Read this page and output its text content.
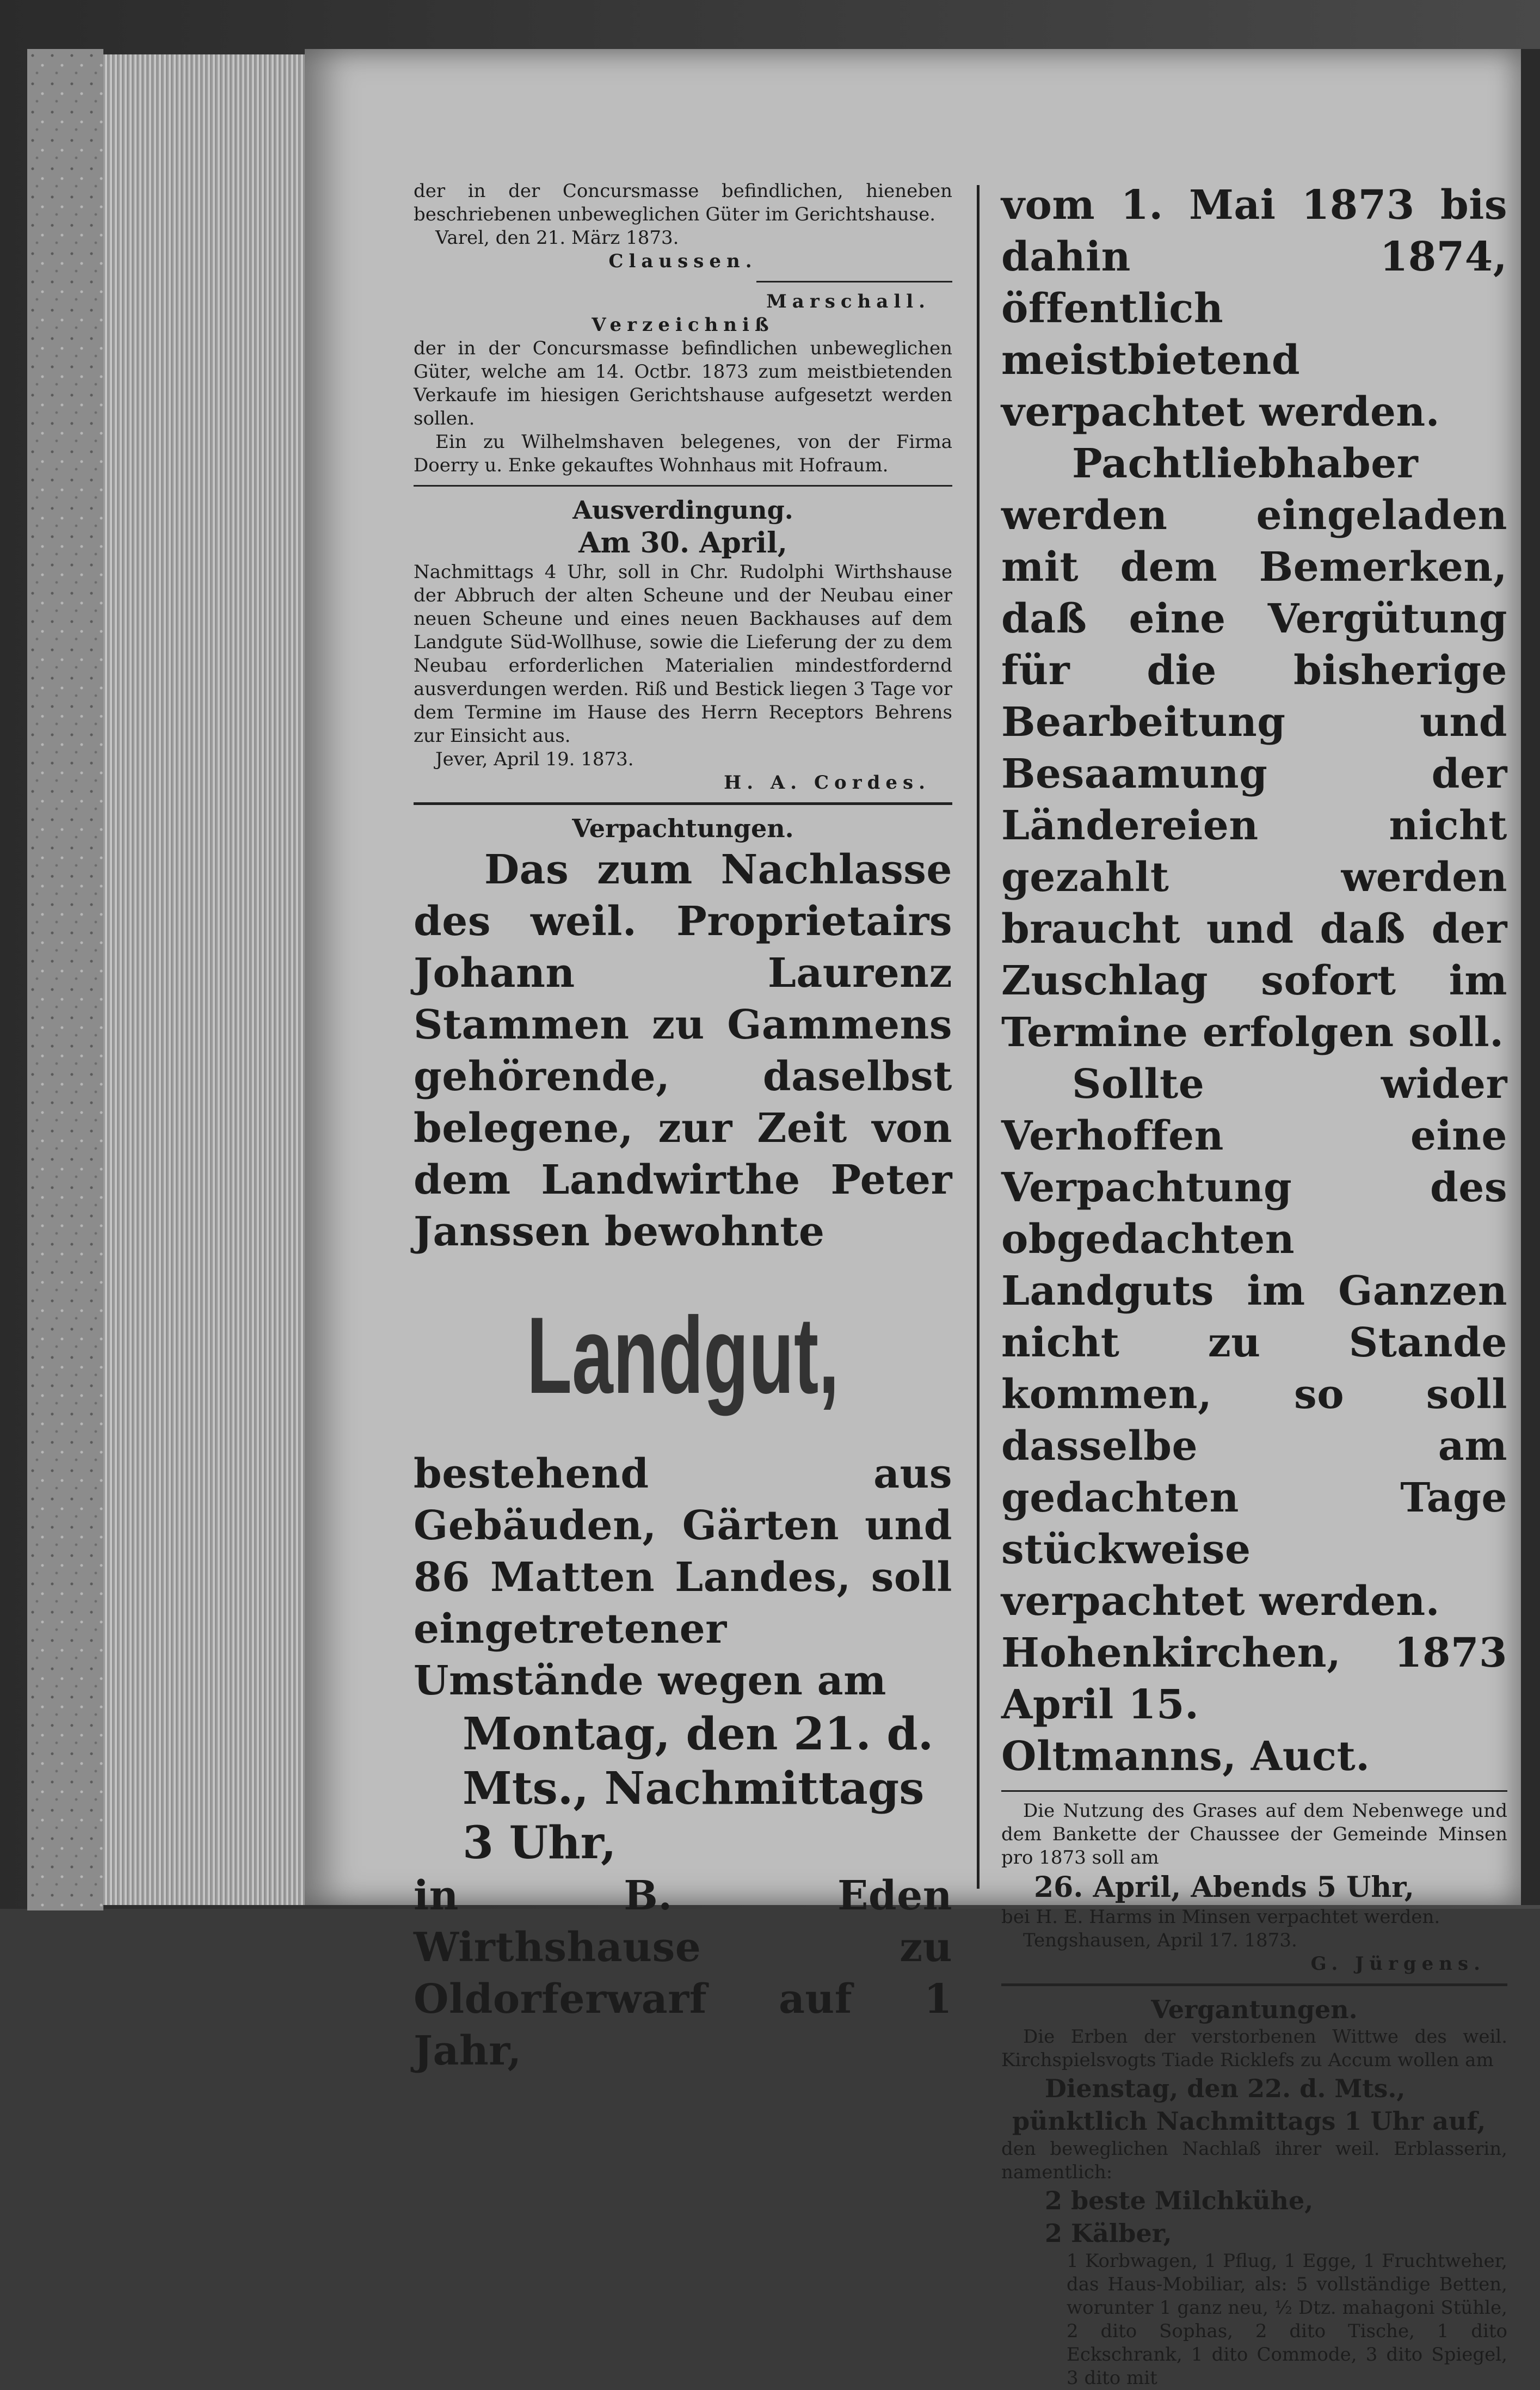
der in der Concursmasse befindlichen, hieneben beschriebenen unbeweglichen Güter im Gerichtshause.

Varel, den 21. März 1873.

Claussen.

Marschall.

Verzeichniß

der in der Concursmasse befindlichen unbeweglichen Güter, welche am 14. Octbr. 1873 zum meistbietenden Verkaufe im hiesigen Gerichtshause aufgesetzt werden sollen.

Ein zu Wilhelmshaven belegenes, von der Firma Doerry u. Enke gekauftes Wohnhaus mit Hofraum.

Ausverdingung.

Am 30. April,

Nachmittags 4 Uhr, soll in Chr. Rudolphi Wirthshause der Abbruch der alten Scheune und der Neubau einer neuen Scheune und eines neuen Backhauses auf dem Landgute Süd-Wollhuse, sowie die Lieferung der zu dem Neubau erforderlichen Materialien mindestfordernd ausverdungen werden. Riß und Bestick liegen 3 Tage vor dem Termine im Hause des Herrn Receptors Behrens zur Einsicht aus.

Jever, April 19. 1873.

H. A. Cordes.

Verpachtungen.

Das zum Nachlasse des weil. Proprietairs Johann Laurenz Stammen zu Gammens gehörende, daselbst belegene, zur Zeit von dem Landwirthe Peter Janssen bewohnte

Landgut,

bestehend aus Gebäuden, Gärten und 86 Matten Landes, soll eingetretener Umstände wegen am

Montag, den 21. d. Mts., Nachmittags 3 Uhr,

in B. Eden Wirthshause zu Oldorferwarf auf 1 Jahr,

vom 1. Mai 1873 bis dahin 1874, öffentlich meistbietend verpachtet werden.

Pachtliebhaber werden eingeladen mit dem Bemerken, daß eine Vergütung für die bisherige Bearbeitung und Besaamung der Ländereien nicht gezahlt werden braucht und daß der Zuschlag sofort im Termine erfolgen soll.

Sollte wider Verhoffen eine Verpachtung des obgedachten Landguts im Ganzen nicht zu Stande kommen, so soll dasselbe am gedachten Tage stückweise verpachtet werden.

Hohenkirchen, 1873 April 15.

Oltmanns, Auct.

Die Nutzung des Grases auf dem Nebenwege und dem Bankette der Chaussee der Gemeinde Minsen pro 1873 soll am

26. April, Abends 5 Uhr,

bei H. E. Harms in Minsen verpachtet werden.

Tengshausen, April 17. 1873.

G. Jürgens.

Vergantungen.

Die Erben der verstorbenen Wittwe des weil. Kirchspielsvogts Tiade Ricklefs zu Accum wollen am

Dienstag, den 22. d. Mts.,

pünktlich Nachmittags 1 Uhr auf,

den beweglichen Nachlaß ihrer weil. Erblasserin, namentlich:

2 beste Milchkühe,

2 Kälber,

1 Korbwagen, 1 Pflug, 1 Egge, 1 Fruchtweher, das Haus-Mobiliar, als: 5 vollständige Betten, worunter 1 ganz neu, ½ Dtz. mahagoni Stühle, 2 dito Sophas, 2 dito Tische, 1 dito Eckschrank, 1 dito Commode, 3 dito Spiegel, 3 dito mit
